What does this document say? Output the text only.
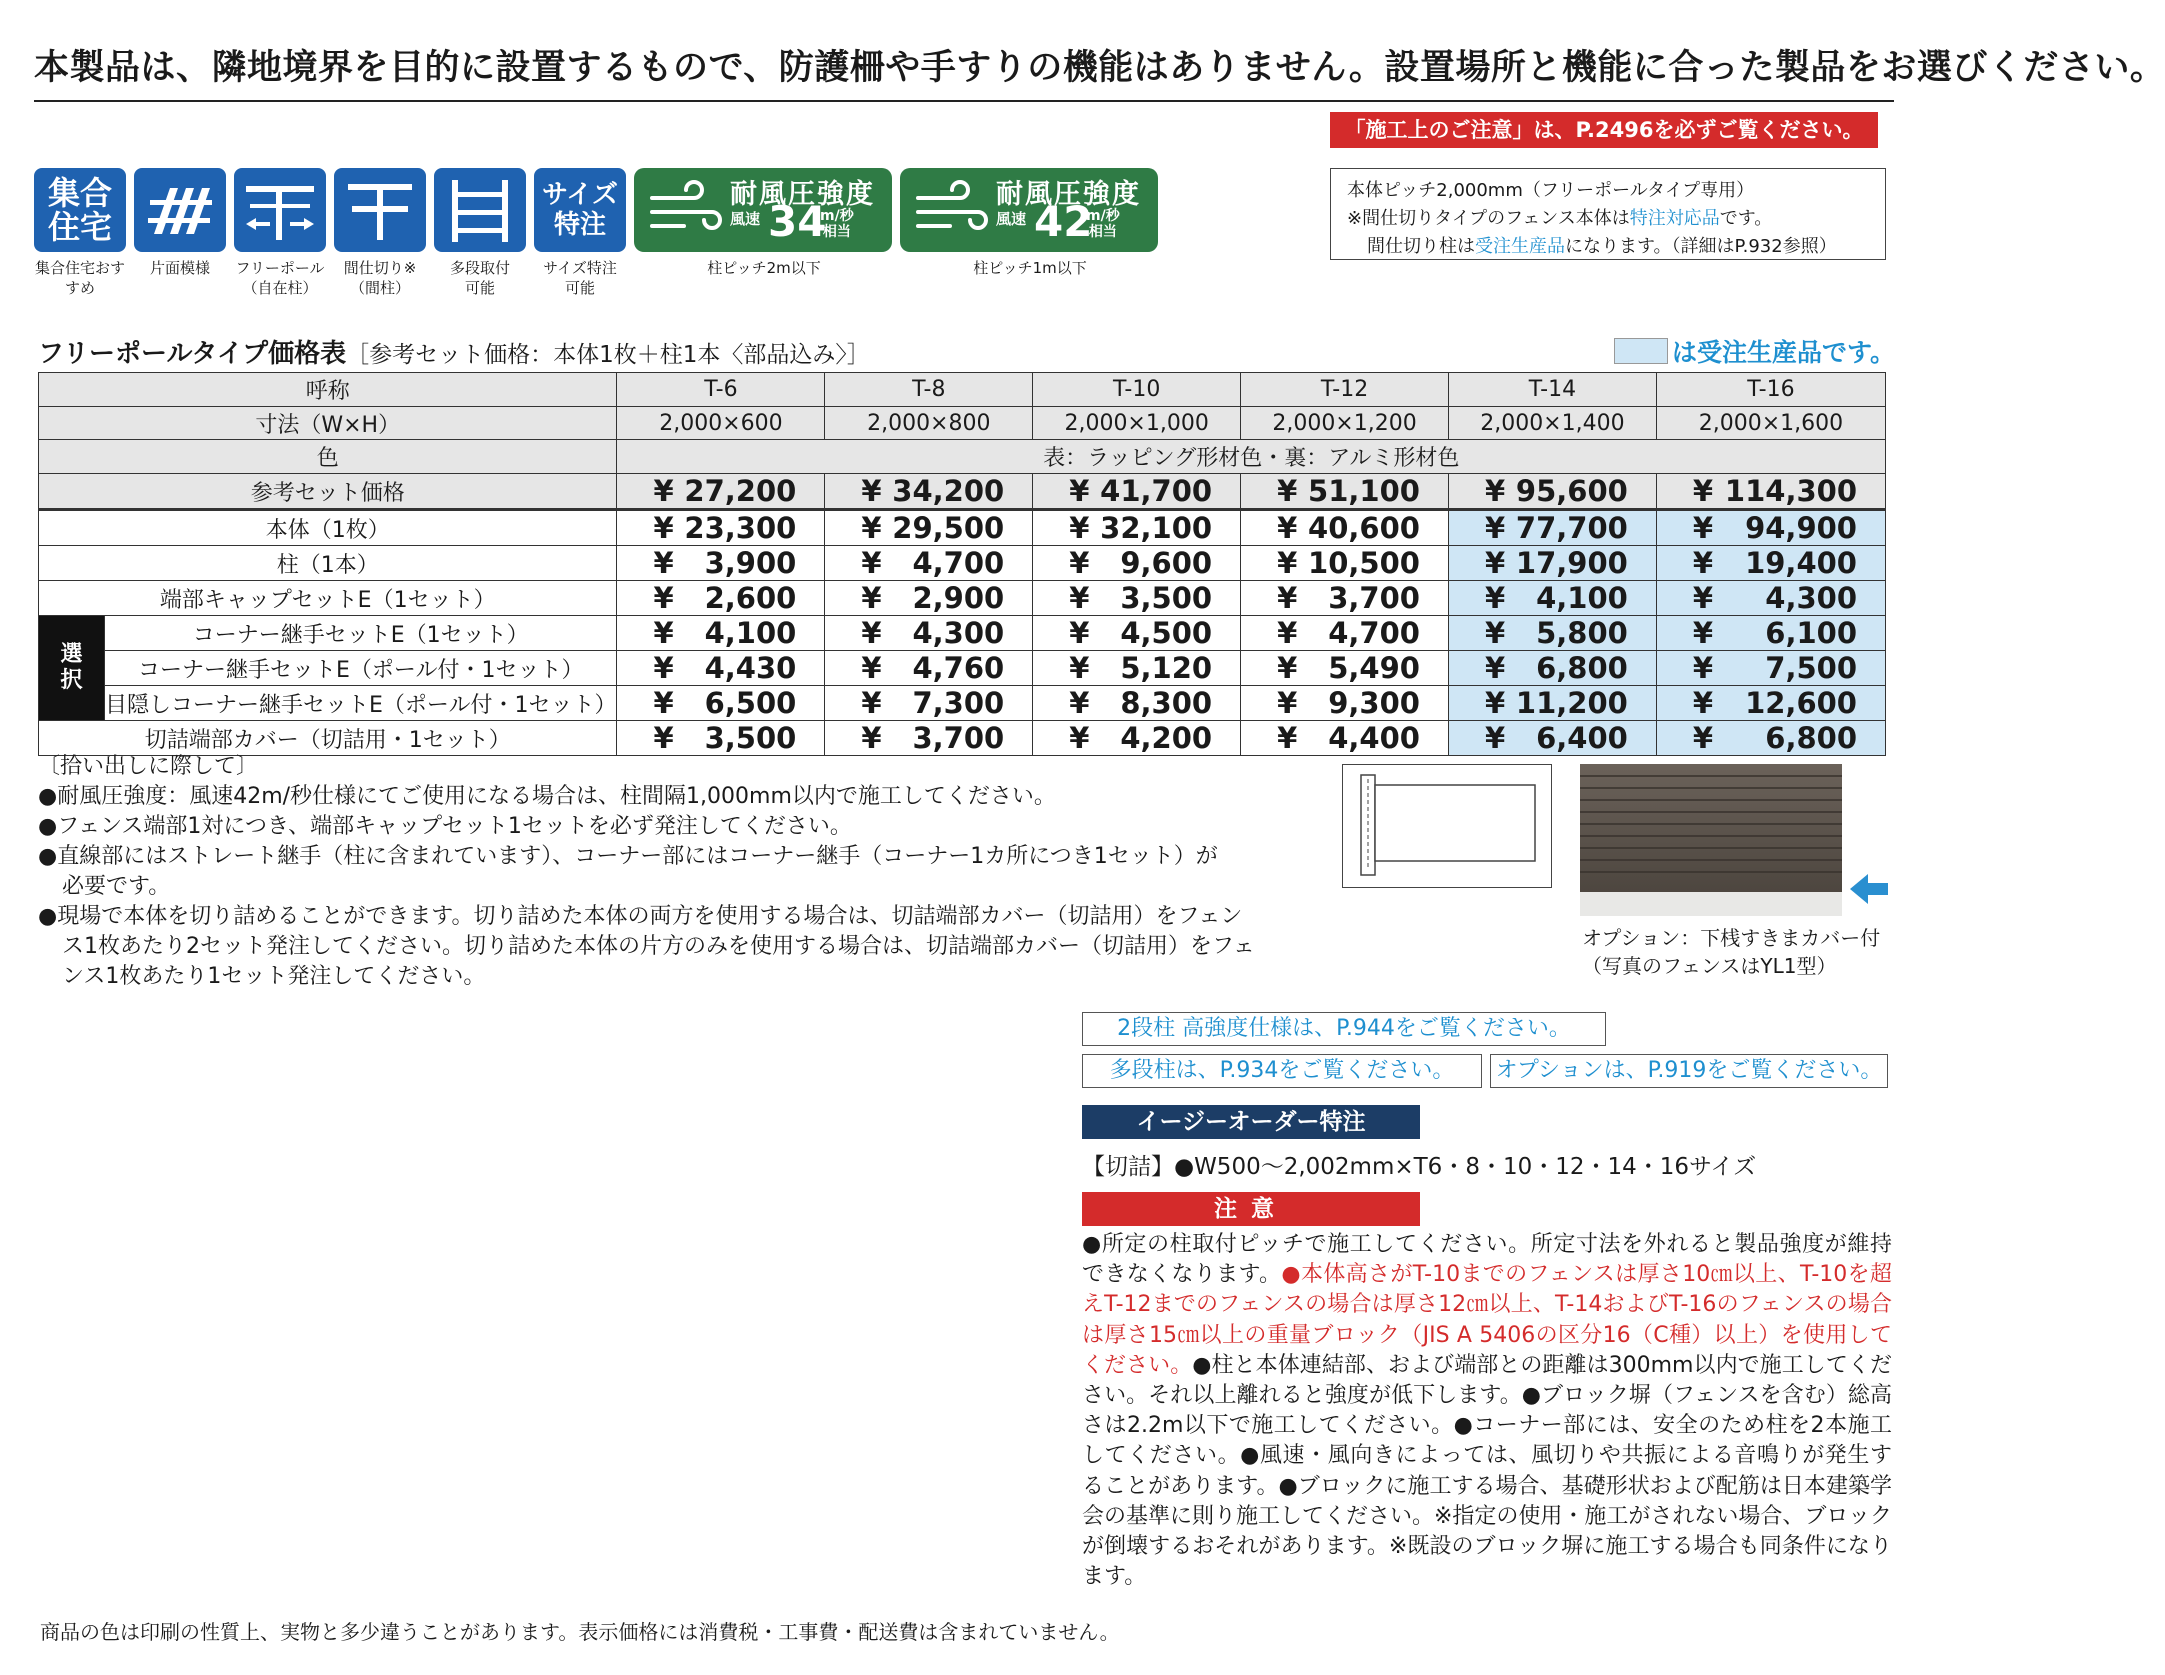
本製品は、隣地境界を目的に設置するもので、防護柵や手すりの機能はありません。設置場所と機能に合った製品をお選びください。
「施工上のご注意」は、P.2496を必ずご覧ください。
本体ピッチ2,000mm（フリーポールタイプ専用）
※間仕切りタイプのフェンス本体は特注対応品です。
間仕切り柱は受注生産品になります。（詳細はP.932参照）
集合
住宅
集合住宅おすすめ
片面模様	フリーポール
（自在柱）
間仕切り※
（間柱）
多段取付
可能
サイズ
特注
サイズ特注
可能
耐風圧強度
風速 34
m/秒
相当
柱ピッチ2m以下
耐風圧強度
風速 42
m/秒
相当
柱ピッチ1m以下
フリーポールタイプ価格表［参考セット価格：本体1枚＋柱1本〈部品込み〉］	は受注生産品です。
呼称		T-6	T-8	T-10	T-12	T-14	T-16
寸法（W×H）		2,000×600	2,000×800	2,000×1,000	2,000×1,200	2,000×1,400	2,000×1,600
色		表：ラッピング形材色・裏：アルミ形材色					
参考セット価格		¥ 27,200	¥ 34,200	¥ 41,700	¥ 51,100	¥ 95,600	¥ 114,300

本体（1枚）		¥ 23,300	¥ 29,500	¥ 32,100	¥ 40,600	¥ 77,700	¥ 94,900

柱（1本）		¥ 3,900	¥ 4,700	¥ 9,600	¥ 10,500	¥ 17,900	¥ 19,400

端部キャップセットE（1セット）		¥ 2,600	¥ 2,900	¥ 3,500	¥ 3,700	¥ 4,100	¥ 4,300

選
択	コーナー継手セットE（1セット）	¥ 4,100	¥ 4,300	¥ 4,500	¥ 4,700	¥ 5,800	¥ 6,100

	コーナー継手セットE（ポール付・1セット）	¥ 4,430	¥ 4,760	¥ 5,120	¥ 5,490	¥ 6,800	¥ 7,500

	目隠しコーナー継手セットE（ポール付・1セット）	¥ 6,500	¥ 7,300	¥ 8,300	¥ 9,300	¥ 11,200	¥ 12,600

切詰端部カバー（切詰用・1セット）		¥ 3,500	¥ 3,700	¥ 4,200	¥ 4,400	¥ 6,400	¥ 6,800
〔拾い出しに際して〕
●耐風圧強度：風速42m/秒仕様にてご使用になる場合は、柱間隔1,000mm以内で施工してください。
●フェンス端部1対につき、端部キャップセット1セットを必ず発注してください。
●直線部にはストレート継手（柱に含まれています）、コーナー部にはコーナー継手（コーナー1カ所につき1セット）が
必要です。
●現場で本体を切り詰めることができます。切り詰めた本体の両方を使用する場合は、切詰端部カバー（切詰用）をフェン
ス1枚あたり2セット発注してください。切り詰めた本体の片方のみを使用する場合は、切詰端部カバー（切詰用）をフェ
ンス1枚あたり1セット発注してください。
オプション：下桟すきまカバー付
（写真のフェンスはYL1型）
2段柱 高強度仕様は、P.944をご覧ください。
多段柱は、P.934をご覧ください。	オプションは、P.919をご覧ください。
イージーオーダー特注
【切詰】●W500〜2,002mm×T6・8・10・12・14・16サイズ
注意
●所定の柱取付ピッチで施工してください。所定寸法を外れると製品強度が維持できなくなります。●本体高さがT-10までのフェンスは厚さ10㎝以上、T-10を超えT-12までのフェンスの場合は厚さ12㎝以上、T-14およびT-16のフェンスの場合は厚さ15㎝以上の重量ブロック（JIS A 5406の区分16（C種）以上）を使用してください。●柱と本体連結部、および端部との距離は300mm以内で施工してください。それ以上離れると強度が低下します。●ブロック塀（フェンスを含む）総高さは2.2m以下で施工してください。●コーナー部には、安全のため柱を2本施工してください。●風速・風向きによっては、風切りや共振による音鳴りが発生することがあります。●ブロックに施工する場合、基礎形状および配筋は日本建築学会の基準に則り施工してください。※指定の使用・施工がされない場合、ブロックが倒壊するおそれがあります。※既設のブロック塀に施工する場合も同条件になります。
商品の色は印刷の性質上、実物と多少違うことがあります。表示価格には消費税・工事費・配送費は含まれていません。
